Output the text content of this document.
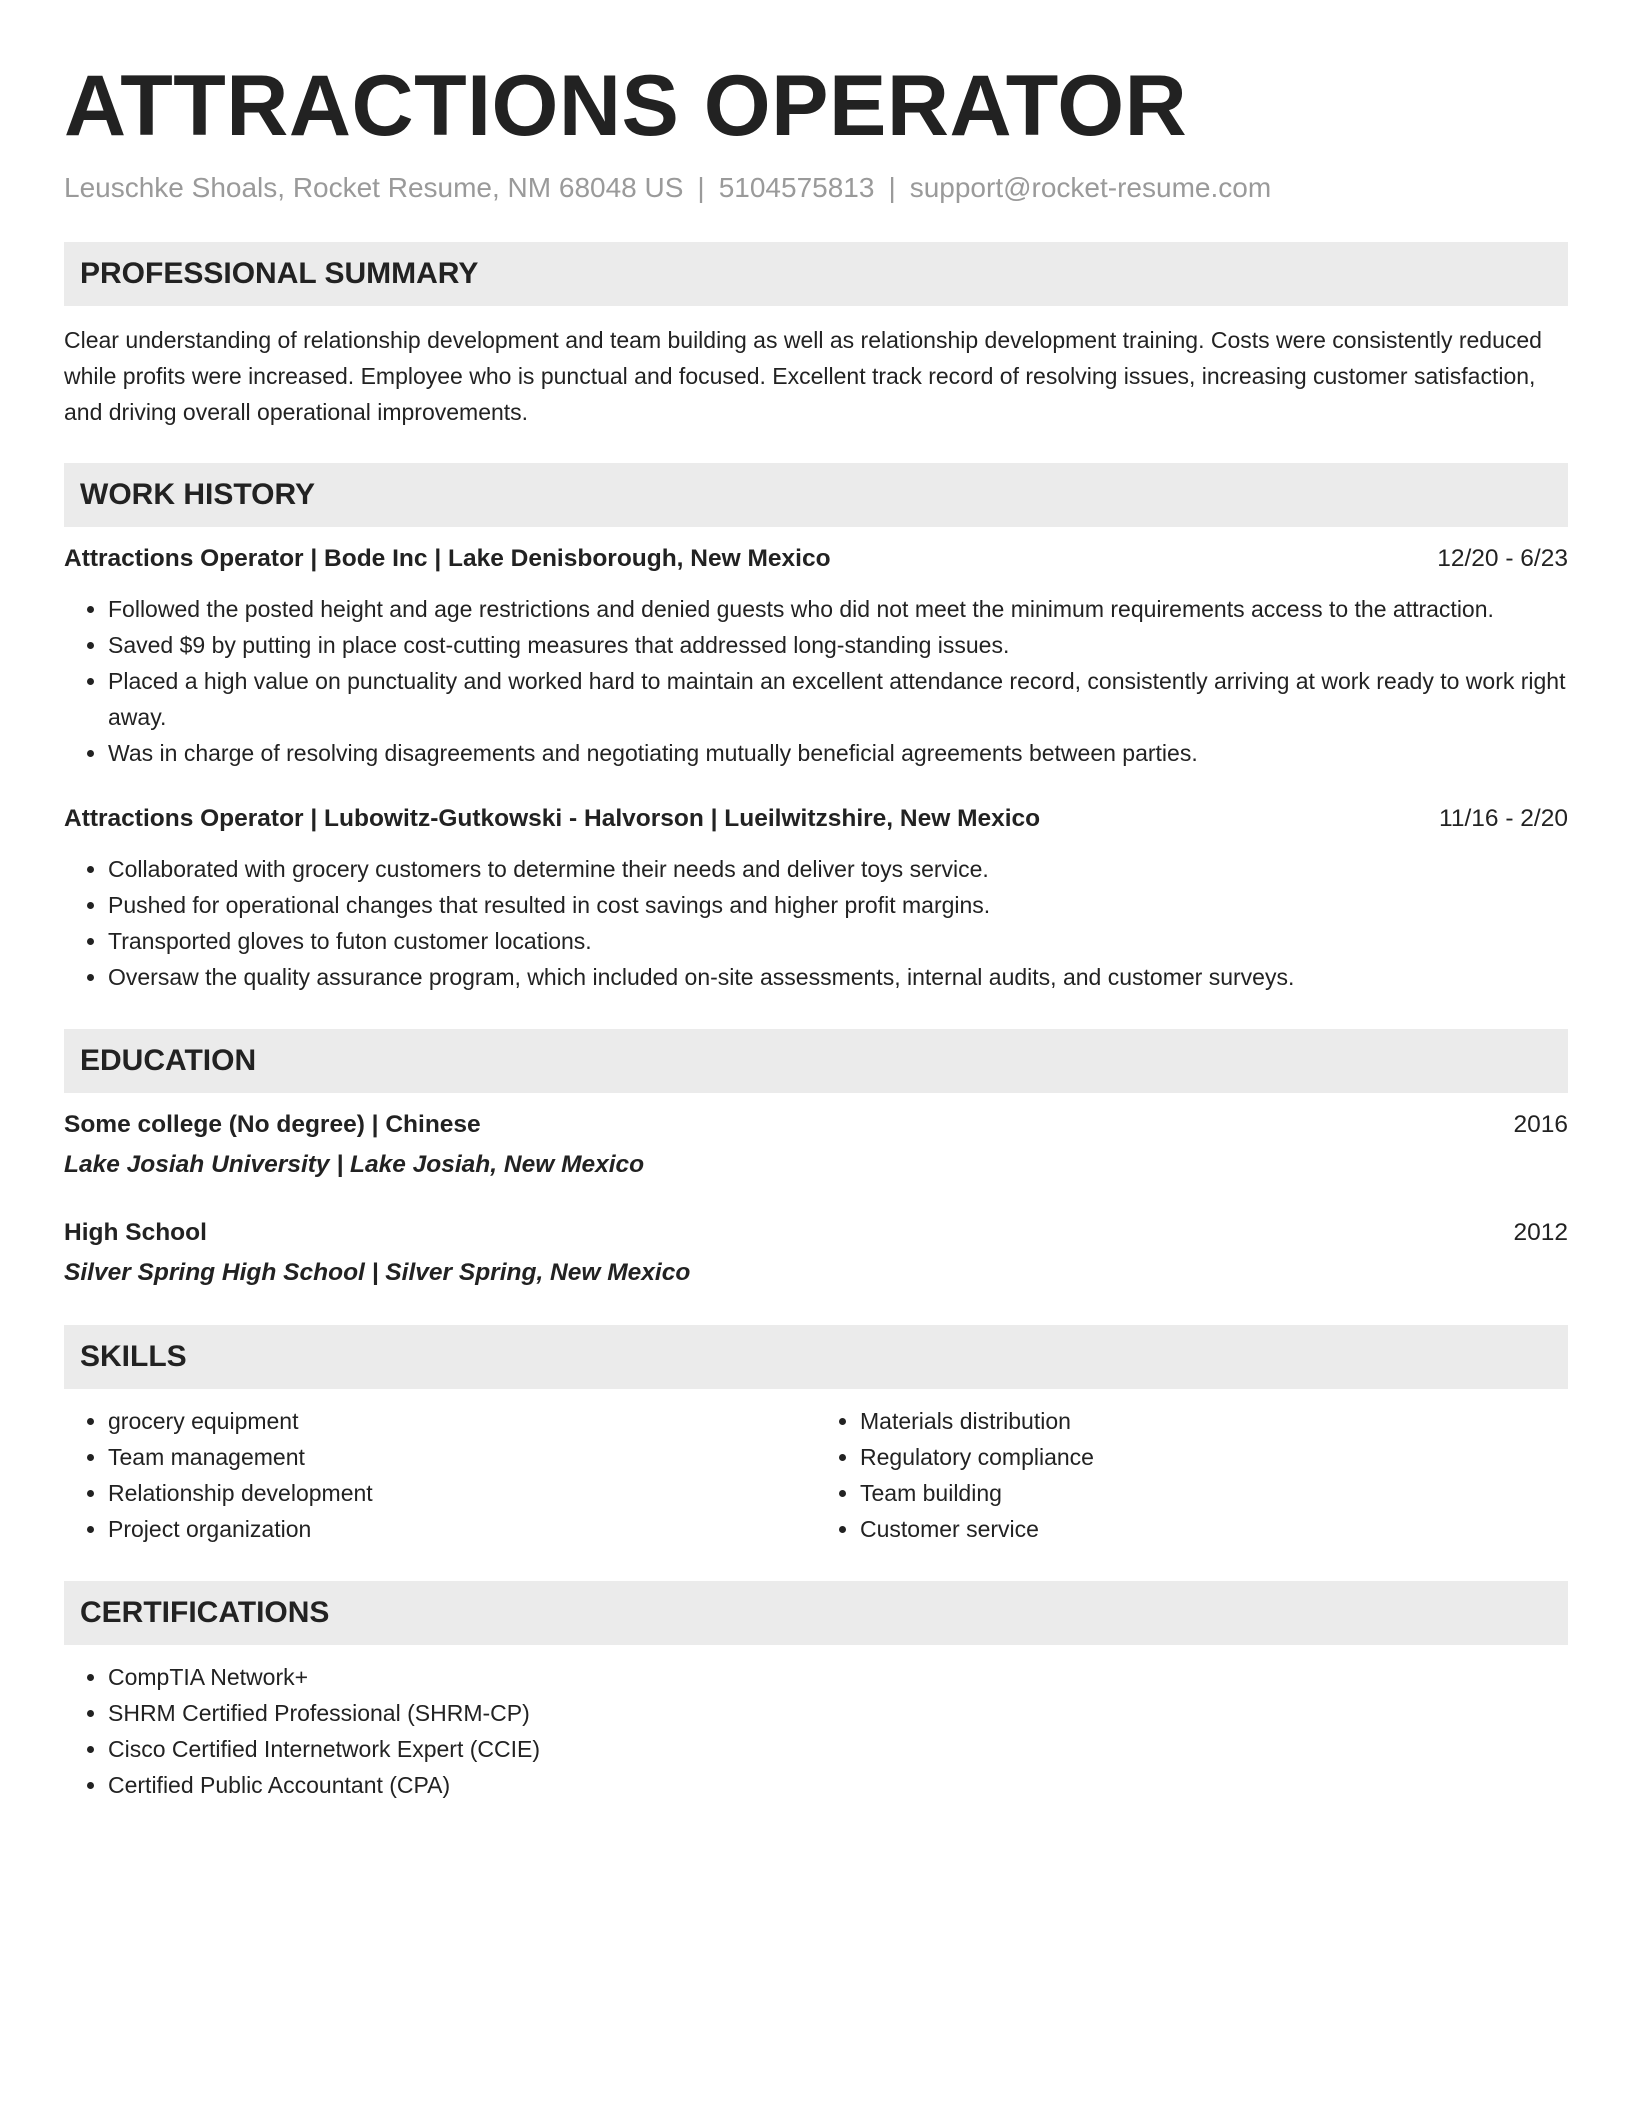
ATTRACTIONS OPERATOR
Leuschke Shoals, Rocket Resume, NM 68048 US | 5104575813 | support@rocket-resume.com
PROFESSIONAL SUMMARY

Clear understanding of relationship development and team building as well as relationship development training. Costs were consistently reduced while profits were increased. Employee who is punctual and focused. Excellent track record of resolving issues, increasing customer satisfaction, and driving overall operational improvements.

WORK HISTORY
Attractions Operator | Bode Inc | Lake Denisborough, New Mexico	12/20 - 6/23
• Followed the posted height and age restrictions and denied guests who did not meet the minimum requirements access to the attraction.
• Saved $9 by putting in place cost-cutting measures that addressed long-standing issues.
• Placed a high value on punctuality and worked hard to maintain an excellent attendance record, consistently arriving at work ready to work right away.
• Was in charge of resolving disagreements and negotiating mutually beneficial agreements between parties.
Attractions Operator | Lubowitz-Gutkowski - Halvorson | Lueilwitzshire, New Mexico	11/16 - 2/20
• Collaborated with grocery customers to determine their needs and deliver toys service.
• Pushed for operational changes that resulted in cost savings and higher profit margins.
• Transported gloves to futon customer locations.
• Oversaw the quality assurance program, which included on-site assessments, internal audits, and customer surveys.
EDUCATION
Some college (No degree) | Chinese	2016
Lake Josiah University | Lake Josiah, New Mexico
High School	2012
Silver Spring High School | Silver Spring, New Mexico
SKILLS
• grocery equipment
• Team management
• Relationship development
• Project organization
• Materials distribution
• Regulatory compliance
• Team building
• Customer service
CERTIFICATIONS
• CompTIA Network+
• SHRM Certified Professional (SHRM-CP)
• Cisco Certified Internetwork Expert (CCIE)
• Certified Public Accountant (CPA)
